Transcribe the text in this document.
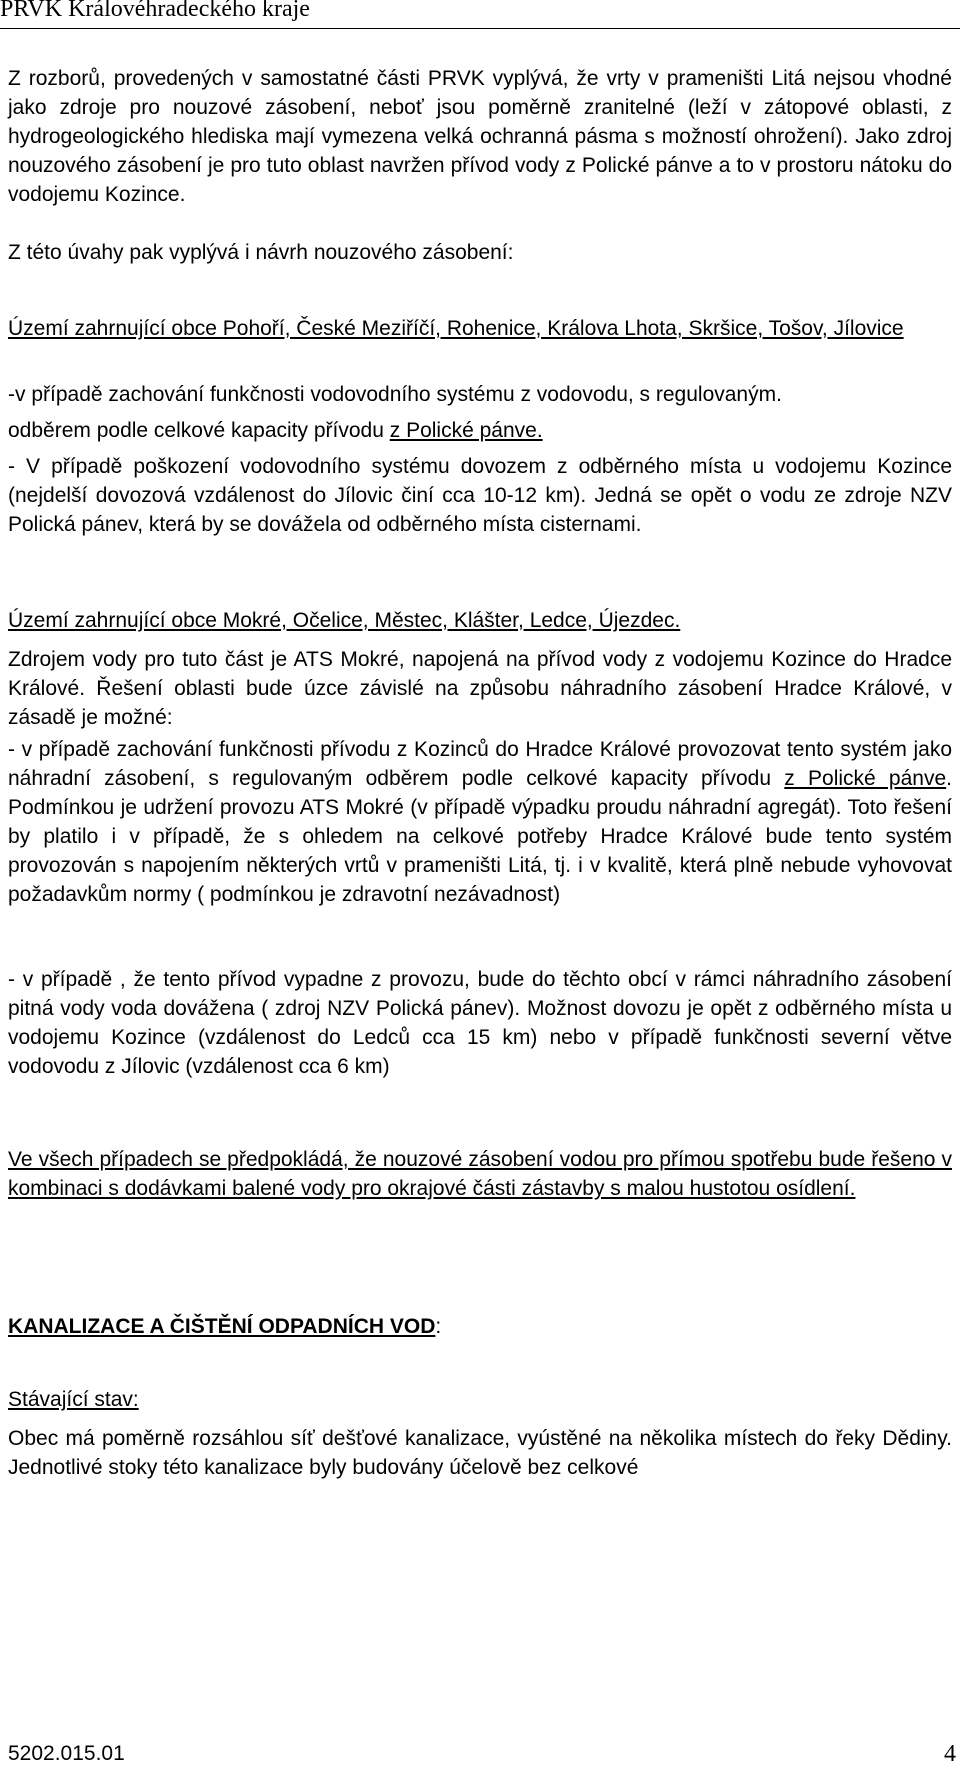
PRVK Královéhradeckého kraje

Z rozborů, provedených v samostatné části PRVK vyplývá, že vrty v prameništi Litá nejsou vhodné jako zdroje pro nouzové zásobení, neboť jsou poměrně zranitelné (leží v zátopové oblasti, z hydrogeologického hlediska mají vymezena velká ochranná pásma s možností ohrožení). Jako zdroj nouzového zásobení je pro tuto oblast navržen přívod vody z Polické pánve a to v prostoru nátoku do vodojemu Kozince.

Z této úvahy pak vyplývá i návrh nouzového zásobení:

Území zahrnující obce Pohoří, České Meziříčí, Rohenice, Králova Lhota, Skršice, Tošov, Jílovice

-v případě zachování funkčnosti vodovodního systému z vodovodu, s regulovaným.

odběrem podle celkové kapacity přívodu z Polické pánve.

- V případě poškození vodovodního systému dovozem z odběrného místa u vodojemu Kozince (nejdelší dovozová vzdálenost do Jílovic činí cca 10-12 km). Jedná se opět o vodu ze zdroje NZV Polická pánev, která by se dovážela od odběrného místa cisternami.

Území zahrnující obce Mokré, Očelice, Městec, Klášter, Ledce, Újezdec.

Zdrojem vody pro tuto část je ATS Mokré, napojená na přívod vody z vodojemu Kozince do Hradce Králové. Řešení oblasti bude úzce závislé na způsobu náhradního zásobení Hradce Králové, v zásadě je možné:

- v případě zachování funkčnosti přívodu z Kozinců do Hradce Králové provozovat tento systém jako náhradní zásobení, s regulovaným odběrem podle celkové kapacity přívodu z Polické pánve. Podmínkou je udržení provozu ATS Mokré (v případě výpadku proudu náhradní agregát). Toto řešení by platilo i v případě, že s ohledem na celkové potřeby Hradce Králové bude tento systém provozován s napojením některých vrtů v prameništi Litá, tj. i v kvalitě, která plně nebude vyhovovat požadavkům normy ( podmínkou je zdravotní nezávadnost)

- v případě , že tento přívod vypadne z provozu, bude do těchto obcí v rámci náhradního zásobení pitná vody voda dovážena ( zdroj NZV Polická pánev). Možnost dovozu je opět z odběrného místa u vodojemu Kozince (vzdálenost do Ledců cca 15 km) nebo v případě funkčnosti severní větve vodovodu z Jílovic (vzdálenost cca 6 km)

Ve všech případech se předpokládá, že nouzové zásobení vodou pro přímou spotřebu bude řešeno v kombinaci s dodávkami balené vody pro okrajové části zástavby s malou hustotou osídlení.

KANALIZACE A ČIŠTĚNÍ ODPADNÍCH VOD:

Stávající stav:

Obec má poměrně rozsáhlou síť dešťové kanalizace, vyústěné na několika místech do řeky Dědiny. Jednotlivé stoky této kanalizace byly budovány účelově bez celkové

5202.015.01	4
